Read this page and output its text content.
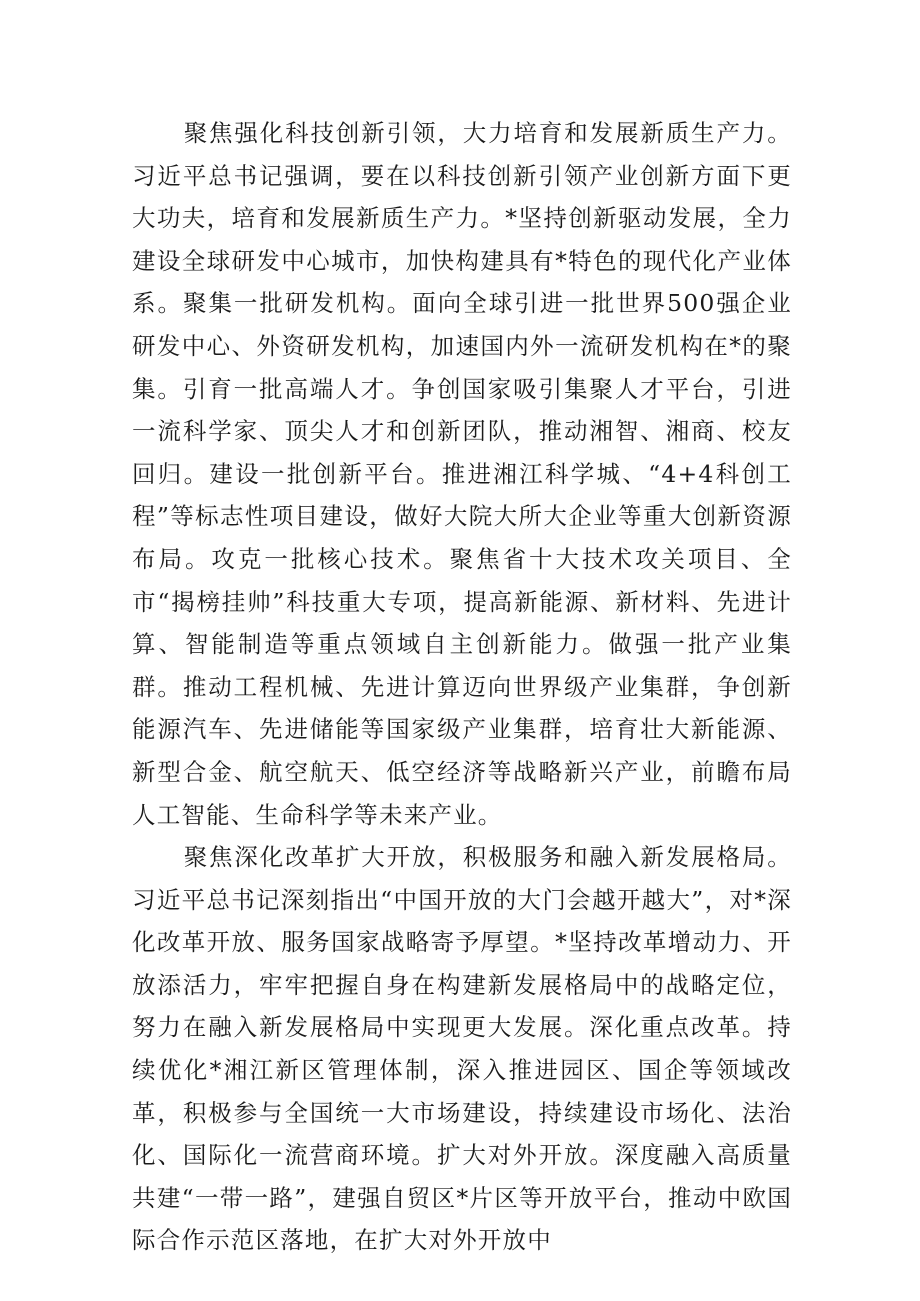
聚焦强化科技创新引领，大力培育和发展新质生产力。习近平总书记强调，要在以科技创新引领产业创新方面下更大功夫，培育和发展新质生产力。*坚持创新驱动发展，全力建设全球研发中心城市，加快构建具有*特色的现代化产业体系。聚集一批研发机构。面向全球引进一批世界500强企业研发中心、外资研发机构，加速国内外一流研发机构在*的聚集。引育一批高端人才。争创国家吸引集聚人才平台，引进一流科学家、顶尖人才和创新团队，推动湘智、湘商、校友回归。建设一批创新平台。推进湘江科学城、“4+4科创工程”等标志性项目建设，做好大院大所大企业等重大创新资源布局。攻克一批核心技术。聚焦省十大技术攻关项目、全市“揭榜挂帅”科技重大专项，提高新能源、新材料、先进计算、智能制造等重点领域自主创新能力。做强一批产业集群。推动工程机械、先进计算迈向世界级产业集群，争创新能源汽车、先进储能等国家级产业集群，培育壮大新能源、新型合金、航空航天、低空经济等战略新兴产业，前瞻布局人工智能、生命科学等未来产业。

聚焦深化改革扩大开放，积极服务和融入新发展格局。习近平总书记深刻指出“中国开放的大门会越开越大”，对*深化改革开放、服务国家战略寄予厚望。*坚持改革增动力、开放添活力，牢牢把握自身在构建新发展格局中的战略定位，努力在融入新发展格局中实现更大发展。深化重点改革。持续优化*湘江新区管理体制，深入推进园区、国企等领域改革，积极参与全国统一大市场建设，持续建设市场化、法治化、国际化一流营商环境。扩大对外开放。深度融入高质量共建“一带一路”，建强自贸区*片区等开放平台，推动中欧国际合作示范区落地，在扩大对外开放中
